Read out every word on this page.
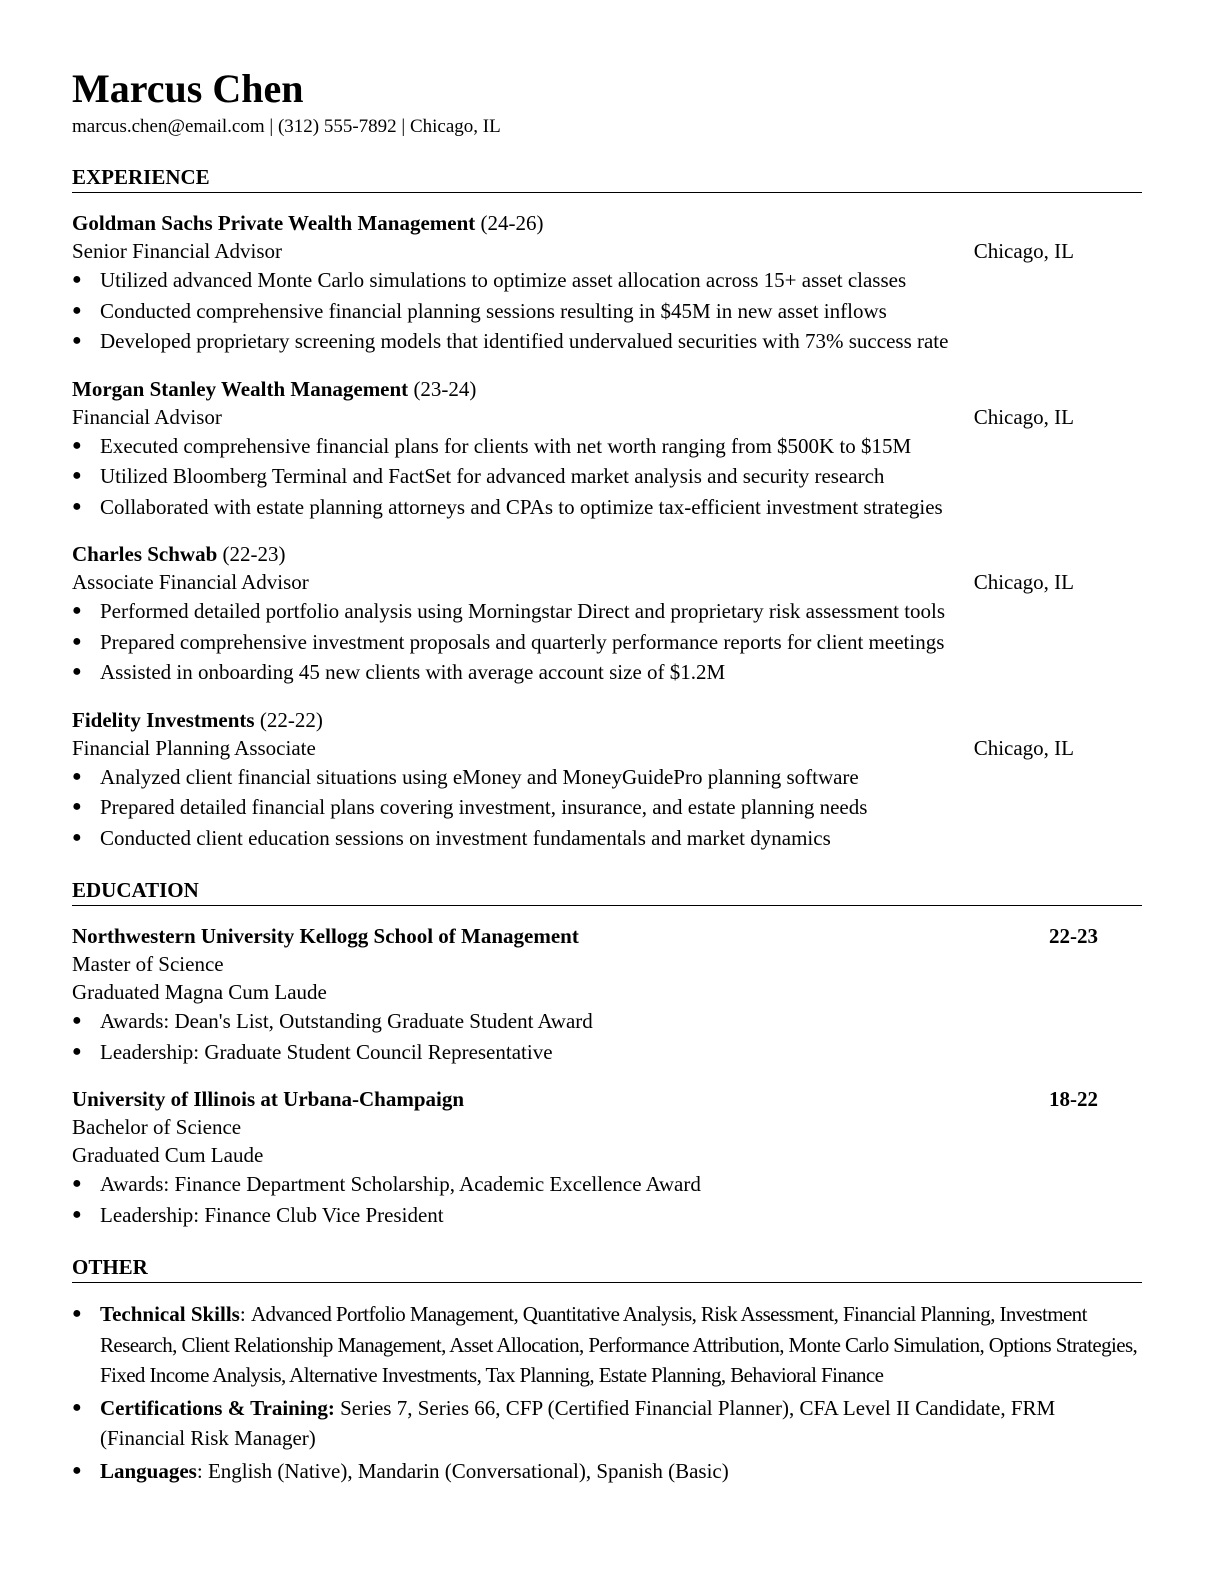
Marcus Chen
marcus.chen@email.com | (312) 555-7892 | Chicago, IL
EXPERIENCE
Goldman Sachs Private Wealth Management (24-26)
Senior Financial Advisor	Chicago, IL
● Utilized advanced Monte Carlo simulations to optimize asset allocation across 15+ asset classes
● Conducted comprehensive financial planning sessions resulting in $45M in new asset inflows
● Developed proprietary screening models that identified undervalued securities with 73% success rate
Morgan Stanley Wealth Management (23-24)
Financial Advisor	Chicago, IL
● Executed comprehensive financial plans for clients with net worth ranging from $500K to $15M
● Utilized Bloomberg Terminal and FactSet for advanced market analysis and security research
● Collaborated with estate planning attorneys and CPAs to optimize tax-efficient investment strategies
Charles Schwab (22-23)
Associate Financial Advisor	Chicago, IL
● Performed detailed portfolio analysis using Morningstar Direct and proprietary risk assessment tools
● Prepared comprehensive investment proposals and quarterly performance reports for client meetings
● Assisted in onboarding 45 new clients with average account size of $1.2M
Fidelity Investments (22-22)
Financial Planning Associate	Chicago, IL
● Analyzed client financial situations using eMoney and MoneyGuidePro planning software
● Prepared detailed financial plans covering investment, insurance, and estate planning needs
● Conducted client education sessions on investment fundamentals and market dynamics
EDUCATION
Northwestern University Kellogg School of Management	22-23
Master of Science
Graduated Magna Cum Laude
● Awards: Dean's List, Outstanding Graduate Student Award
● Leadership: Graduate Student Council Representative
University of Illinois at Urbana-Champaign	18-22
Bachelor of Science
Graduated Cum Laude
● Awards: Finance Department Scholarship, Academic Excellence Award
● Leadership: Finance Club Vice President
OTHER
● Technical Skills: Advanced Portfolio Management, Quantitative Analysis, Risk Assessment, Financial Planning, Investment Research, Client Relationship Management, Asset Allocation, Performance Attribution, Monte Carlo Simulation, Options Strategies, Fixed Income Analysis, Alternative Investments, Tax Planning, Estate Planning, Behavioral Finance
● Certifications & Training: Series 7, Series 66, CFP (Certified Financial Planner), CFA Level II Candidate, FRM (Financial Risk Manager)
● Languages: English (Native), Mandarin (Conversational), Spanish (Basic)
